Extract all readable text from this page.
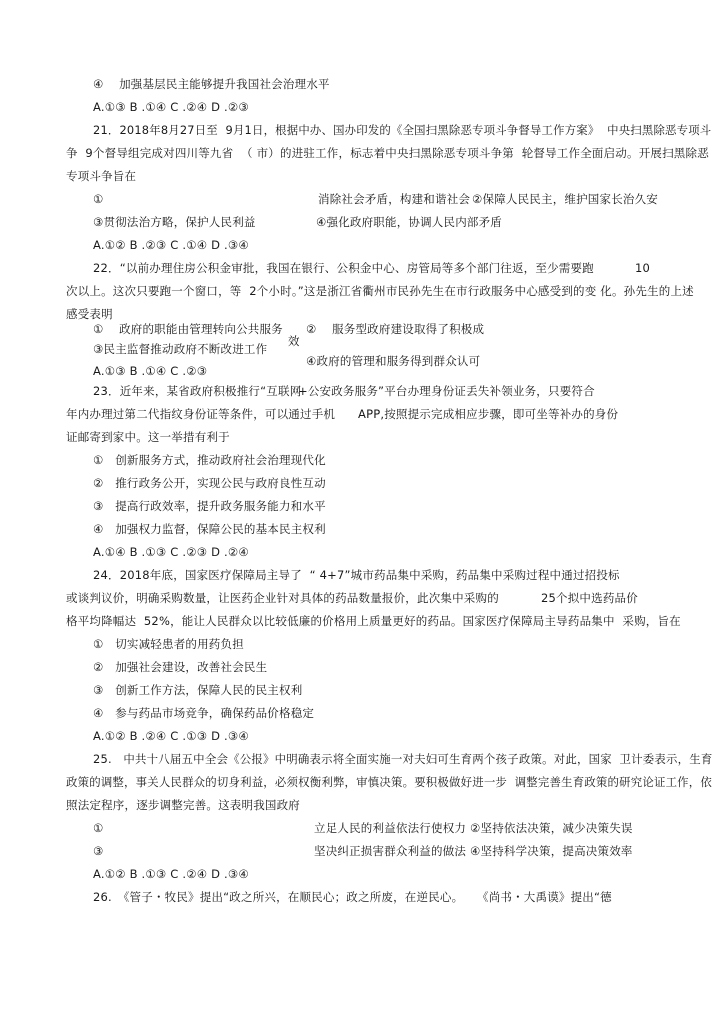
④　 加强基层民主能够提升我国社会治理水平
A.①③ B .①④ C .②④ D .②③
21．2018年8月27日至  9月1日，根据中办、国办印发的《全国扫黑除恶专项斗争督导工作方案》  中央扫黑除恶专项斗
争  9个督导组完成对四川等九省  （ 市）的进驻工作，标志着中央扫黑除恶专项斗争第  轮督导工作全面启动。开展扫黑除恶
专项斗争旨在
①	消除社会矛盾，构建和谐社会 ②保障人民民主，维护国家长治久安
③贯彻法治方略，保护人民利益	④强化政府职能，协调人民内部矛盾
A.①② B .②③ C .①④ D .③④
22．“以前办理住房公积金审批，我国在银行、公积金中心、房管局等多个部门往返，至少需要跑	10
次以上。这次只要跑一个窗口，等  2个小时。”这是浙江省衢州市民孙先生在市行政服务中心感受到的变 化。孙先生的上述
感受表明
①　 政府的职能由管理转向公共服务 ②　 服务型政府建设取得了积极成
效
③民主监督推动政府不断改进工作
④政府的管理和服务得到群众认可
A.①③ B .①④ C .②③
23．近年来，某省政府积极推行“互联网
+公安政务服务”平台办理身份证丢失补领业务，只要符合
年内办理过第二代指纹身份证等条件，可以通过手机 APP,按照提示完成相应步骤，即可坐等补办的身份
证邮寄到家中。这一举措有利于
①　创新服务方式，推动政府社会治理现代化
②　推行政务公开，实现公民与政府良性互动
③　提高行政效率，提升政务服务能力和水平
④　加强权力监督，保障公民的基本民主权利
A.①④ B .①③ C .②③ D .②④
24．2018年底，国家医疗保障局主导了  “ 4+7”城市药品集中采购，药品集中采购过程中通过招投标
或谈判议价，明确采购数量，让医药企业针对具体的药品数量报价，此次集中采购的	25个拟中选药品价
格平均降幅达  52%，能让人民群众以比较低廉的价格用上质量更好的药品。国家医疗保障局主导药品集中  采购，旨在
①　切实减轻患者的用药负担
②　加强社会建设，改善社会民生
③　创新工作方法，保障人民的民主权利
④　参与药品市场竞争，确保药品价格稳定
A.①② B .②④ C .①③ D .③④
25.　中共十八届五中全会《公报》中明确表示将全面实施一对夫妇可生育两个孩子政策。对此，国家  卫计委表示，生育
政策的调整，事关人民群众的切身利益，必须权衡利弊，审慎决策。要积极做好进一步  调整完善生育政策的研究论证工作，依
照法定程序，逐步调整完善。这表明我国政府
①	立足人民的利益依法行使权力 ②坚持依法决策，减少决策失误
③	坚决纠正损害群众利益的做法 ④坚持科学决策，提高决策效率
A.①② B .①③ C .②④ D .③④
26.　《管子・牧民》提出“政之所兴，在顺民心；政之所废，在逆民心。 《尚书・大禹谟》提出“德
